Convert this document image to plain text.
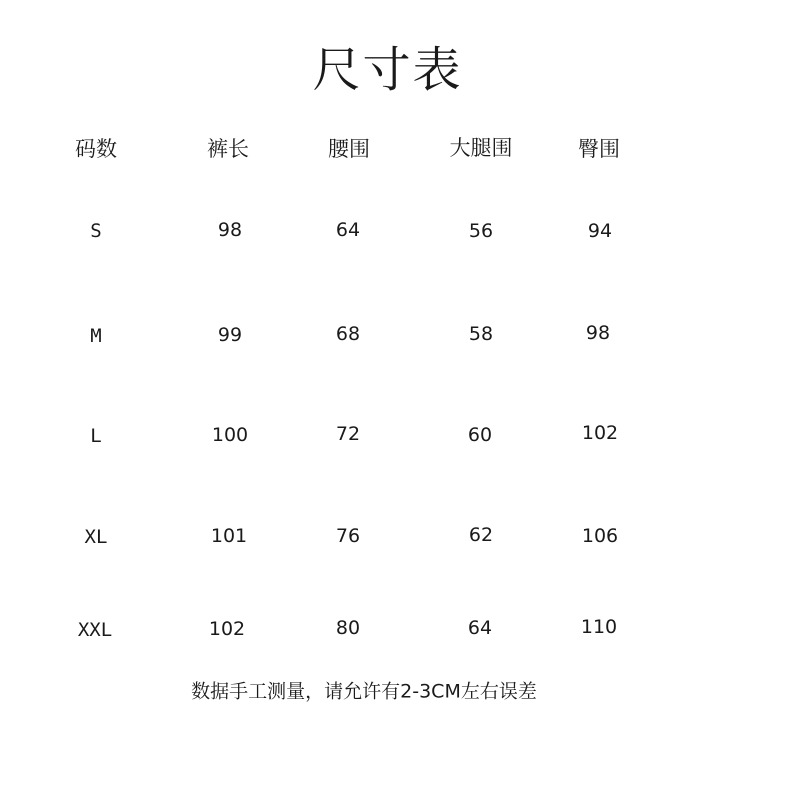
尺寸表
码数	裤长	腰围	大腿围	臀围
S	98	64	56	94
M	99	68	58	98
L	100	72	60	102
XL	101	76	62	106
XXL	102	80	64	110
数据手工测量，请允许有2-3CM左右误差
